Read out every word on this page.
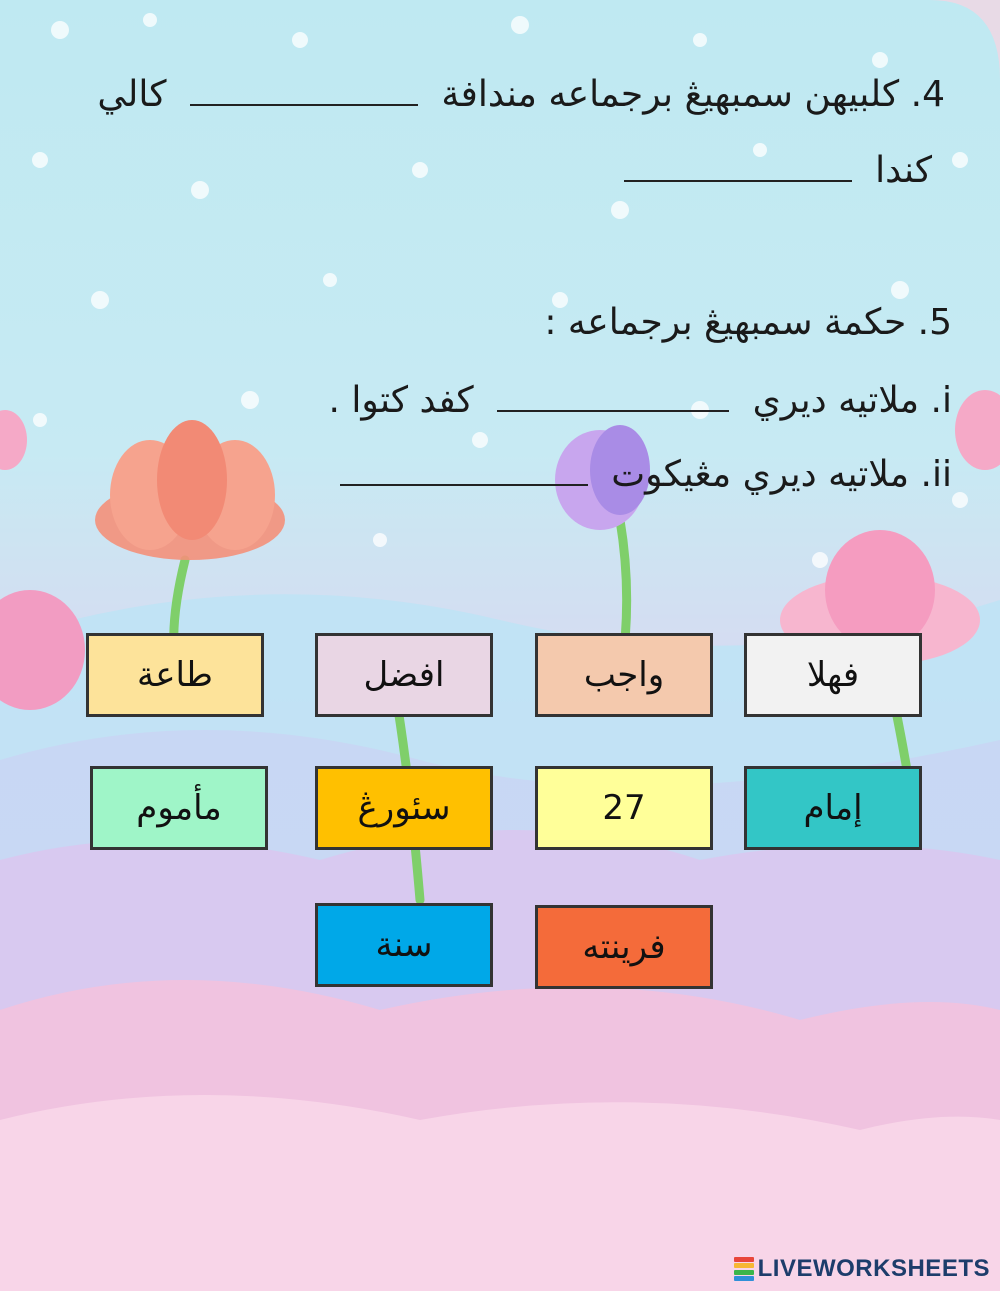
4. كلبيهن سمبهيڠ برجماعه مندافة  كالي
كندا
5. حكمة سمبهيڠ برجماعه :
i. ملاتيه ديري  كفد كتوا .
ii. ملاتيه ديري مڠيكوت
فهلا
واجب
افضل
طاعة
إمام
27
سئورڠ
مأموم
فرينته
سنة
LIVEWORKSHEETS
